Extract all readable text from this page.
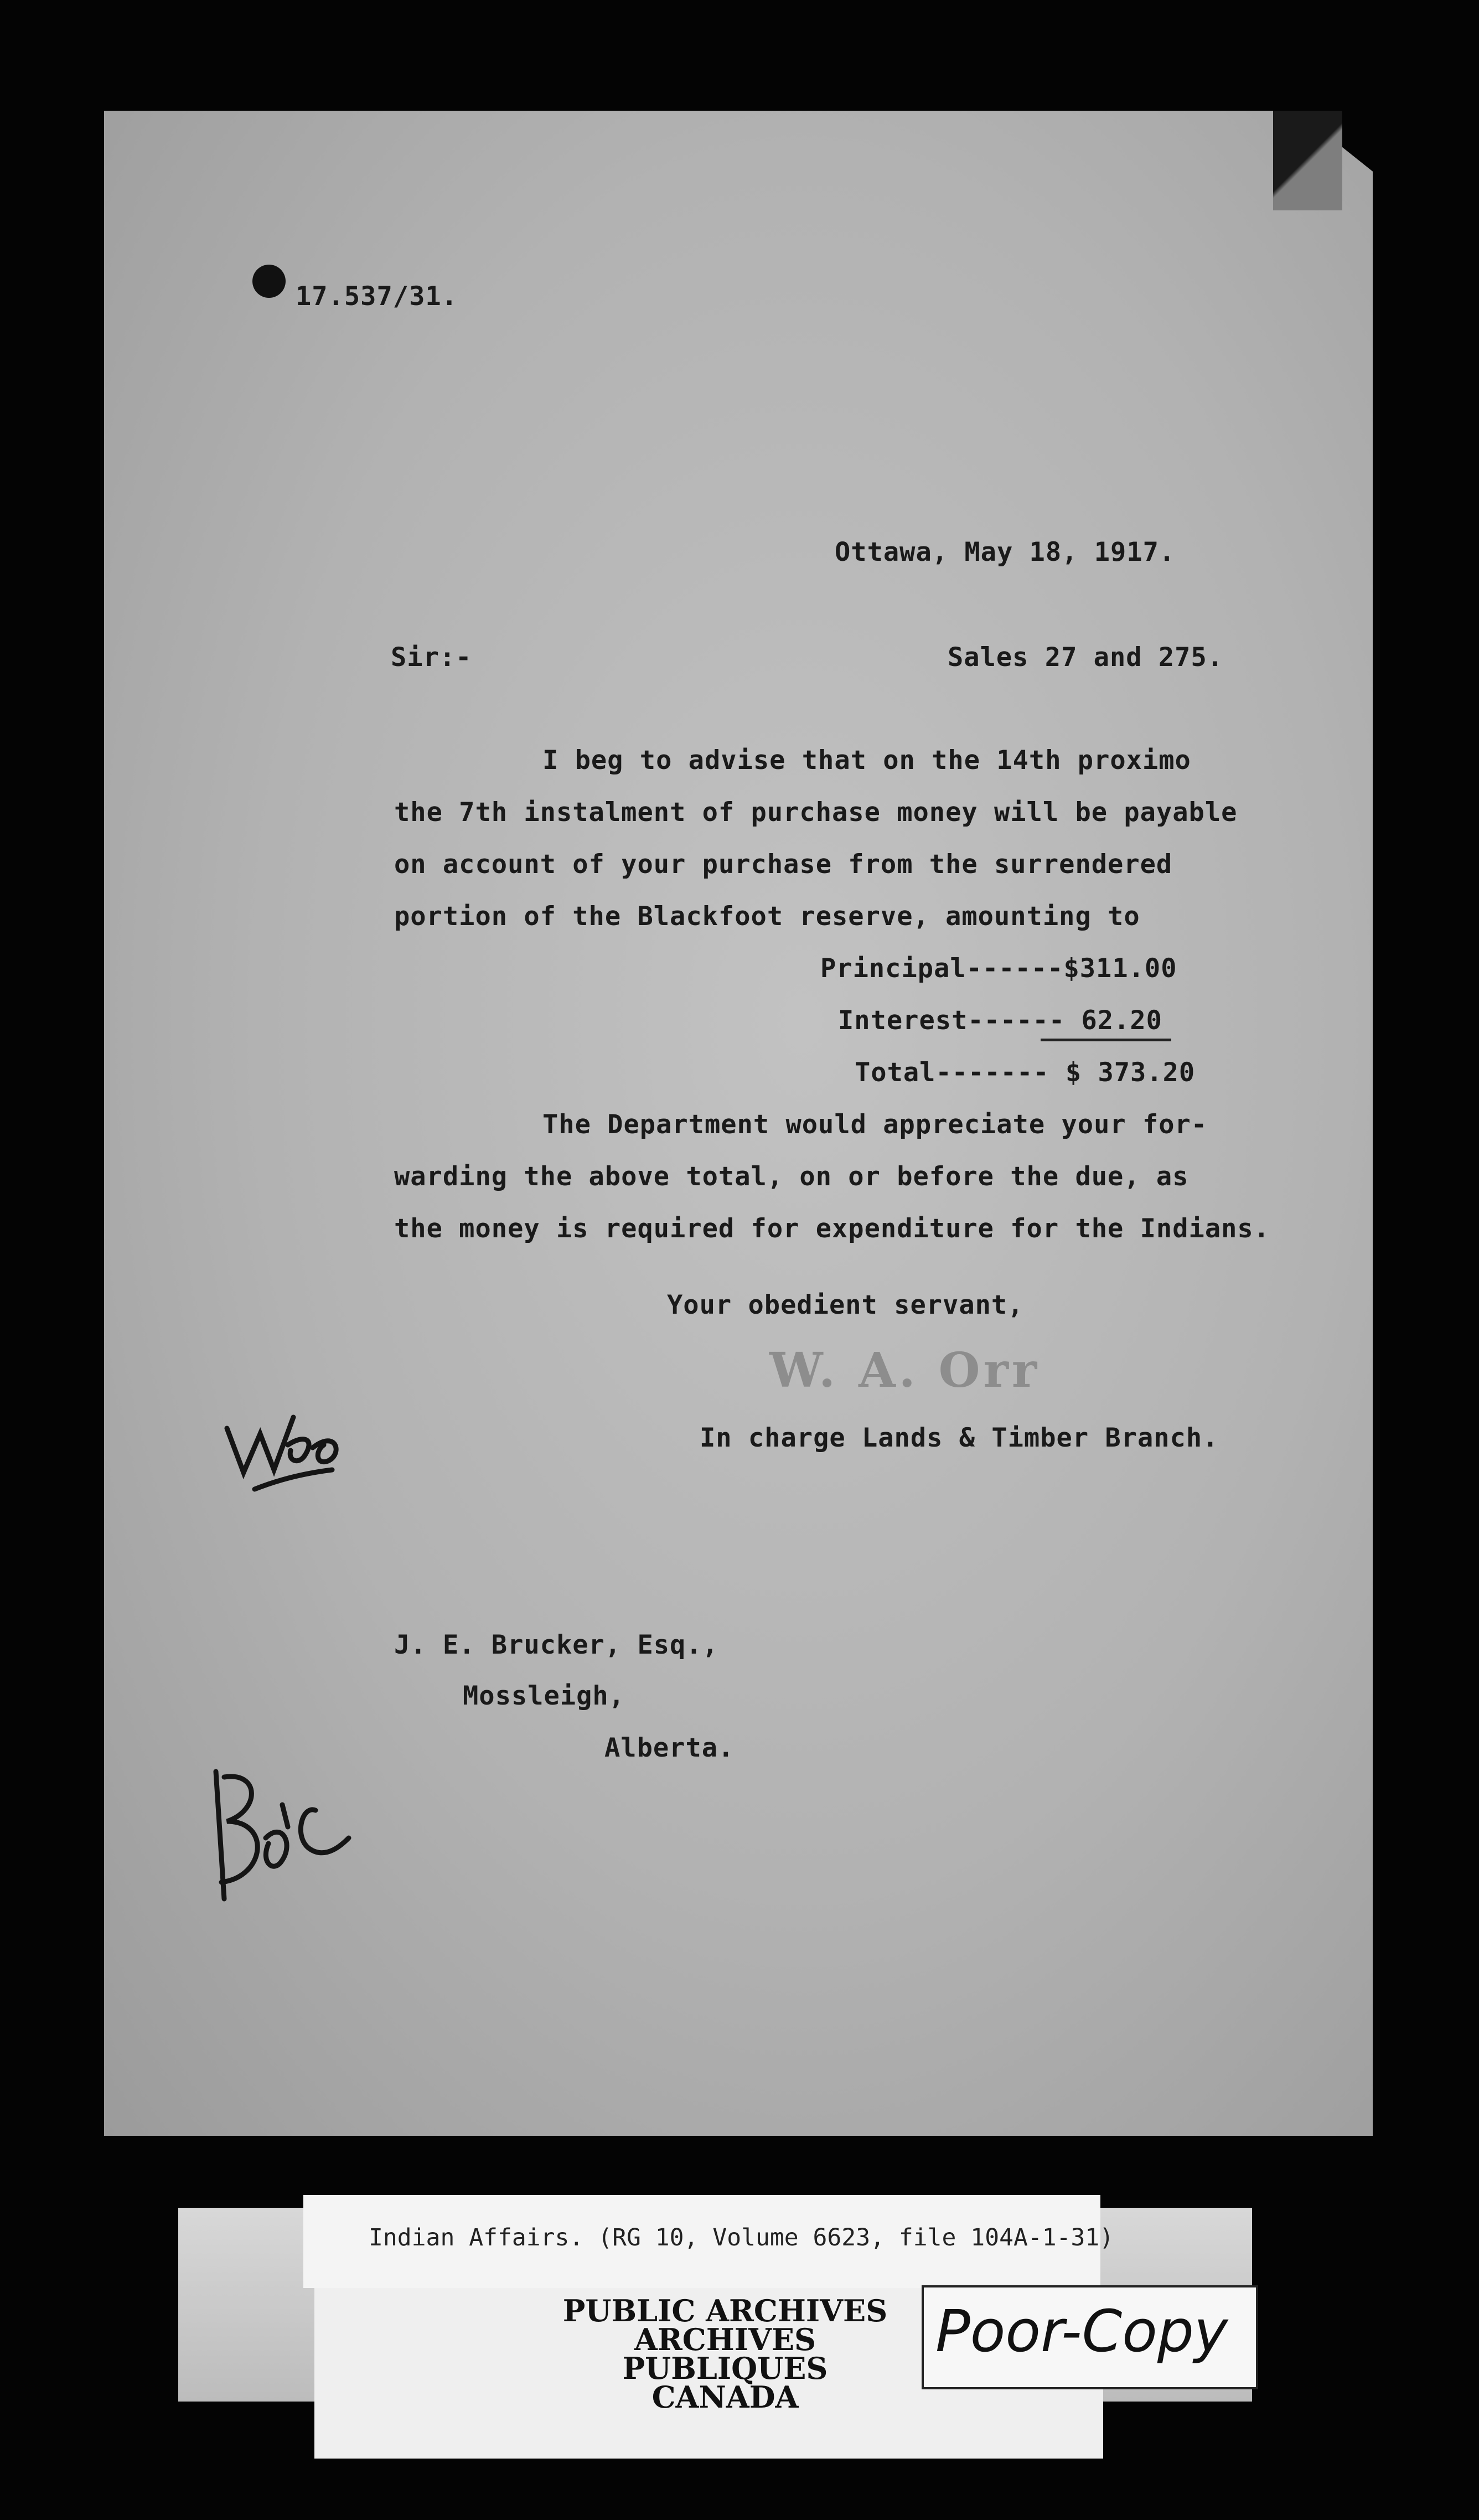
17.537/31.
Ottawa, May 18, 1917.
Sir:-	Sales 27 and 275.
I beg to advise that on the 14th proximo
the 7th instalment of purchase money will be payable
on account of your purchase from the surrendered
portion of the Blackfoot reserve, amounting to
Principal------$311.00
Interest------ 62.20
Total------- $ 373.20
The Department would appreciate your for-
warding the above total, on or before the due, as
the money is required for expenditure for the Indians.
Your obedient servant,
W. A. Orr
In charge Lands & Timber Branch.
J. E. Brucker, Esq.,
Mossleigh,
Alberta.
Indian Affairs. (RG 10, Volume 6623, file 104A-1-31)
PUBLIC ARCHIVES
ARCHIVES PUBLIQUES
CANADA
Poor-Copy
